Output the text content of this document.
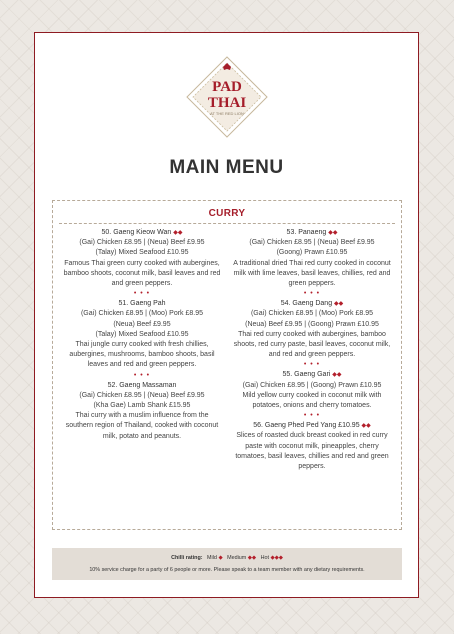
PAD
THAI
AT THE RED LION
MAIN MENU
CURRY
50. Gaeng Kieow Wan ◆◆
(Gai) Chicken £8.95 | (Neua) Beef £9.95
(Talay) Mixed Seafood £10.95
Famous Thai green curry cooked with aubergines, bamboo shoots, coconut milk, basil leaves and red and green peppers.
• • •
51. Gaeng Pah
(Gai) Chicken £8.95 | (Moo) Pork £8.95
(Neua) Beef £9.95
(Talay) Mixed Seafood £10.95
Thai jungle curry cooked with fresh chillies, aubergines, mushrooms, bamboo shoots, basil leaves and red and green peppers.
• • •
52. Gaeng Massaman
(Gai) Chicken £8.95 | (Neua) Beef £9.95
(Kha Gae) Lamb Shank £15.95
Thai curry with a muslim influence from the southern region of Thailand, cooked with coconut milk, potato and peanuts.
53. Panaeng ◆◆
(Gai) Chicken £8.95 | (Neua) Beef £9.95
(Goong) Prawn £10.95
A traditional dried Thai red curry cooked in coconut milk with lime leaves, basil leaves, chillies, red and green peppers.
• • •
54. Gaeng Dang ◆◆
(Gai) Chicken £8.95 | (Moo) Pork £8.95
(Neua) Beef £9.95 | (Goong) Prawn £10.95
Thai red curry cooked with aubergines, bamboo shoots, red curry paste, basil leaves, coconut milk, and red and green peppers.
• • •
55. Gaeng Gari ◆◆
(Gai) Chicken £8.95 | (Goong) Prawn £10.95
Mild yellow curry cooked in coconut milk with potatoes, onions and cherry tomatoes.
• • •
56. Gaeng Phed Ped Yang £10.95 ◆◆
Slices of roasted duck breast cooked in red curry paste with coconut milk, pineapples, cherry tomatoes, basil leaves, chillies and red and green peppers.
Chilli rating: Mild ◆ Medium ◆◆ Hot ◆◆◆
10% service charge for a party of 6 people or more. Please speak to a team member with any dietary requirements.
